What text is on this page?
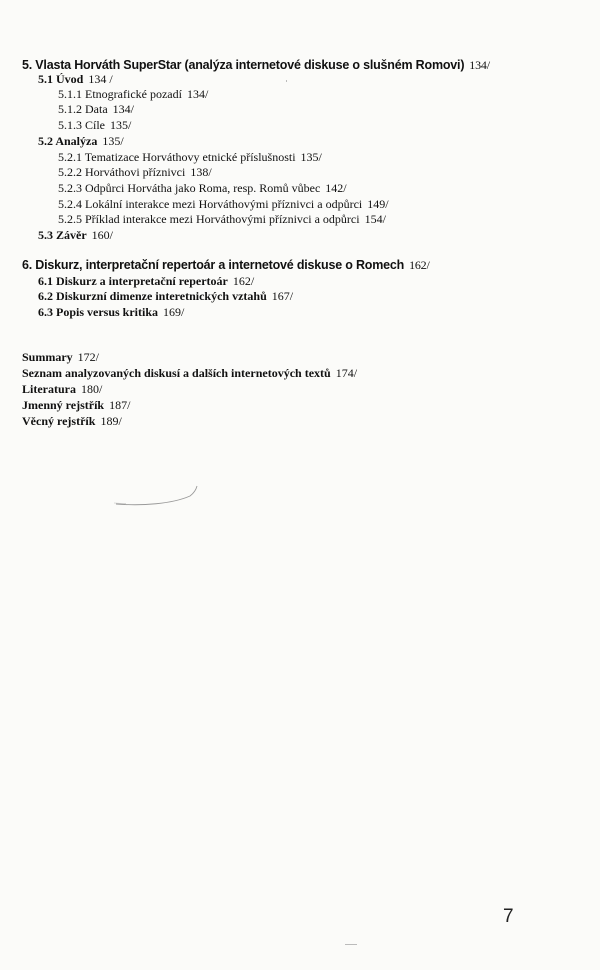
5. Vlasta Horváth SuperStar (analýza internetové diskuse o slušném Romovi) 134/
5.1 Úvod 134 /
5.1.1 Etnografické pozadí 134/
5.1.2 Data 134/
5.1.3 Cíle 135/
5.2 Analýza 135/
5.2.1 Tematizace Horváthovy etnické příslušnosti 135/
5.2.2 Horváthovi příznivci 138/
5.2.3 Odpůrci Horvátha jako Roma, resp. Romů vůbec 142/
5.2.4 Lokální interakce mezi Horváthovými příznivci a odpůrci 149/
5.2.5 Příklad interakce mezi Horváthovými příznivci a odpůrci 154/
5.3 Závěr 160/
6. Diskurz, interpretační repertoár a internetové diskuse o Romech 162/
6.1 Diskurz a interpretační repertoár 162/
6.2 Diskurzní dimenze interetnických vztahů 167/
6.3 Popis versus kritika 169/
Summary 172/
Seznam analyzovaných diskusí a dalších internetových textů 174/
Literatura 180/
Jmenný rejstřík 187/
Věcný rejstřík 189/
7
